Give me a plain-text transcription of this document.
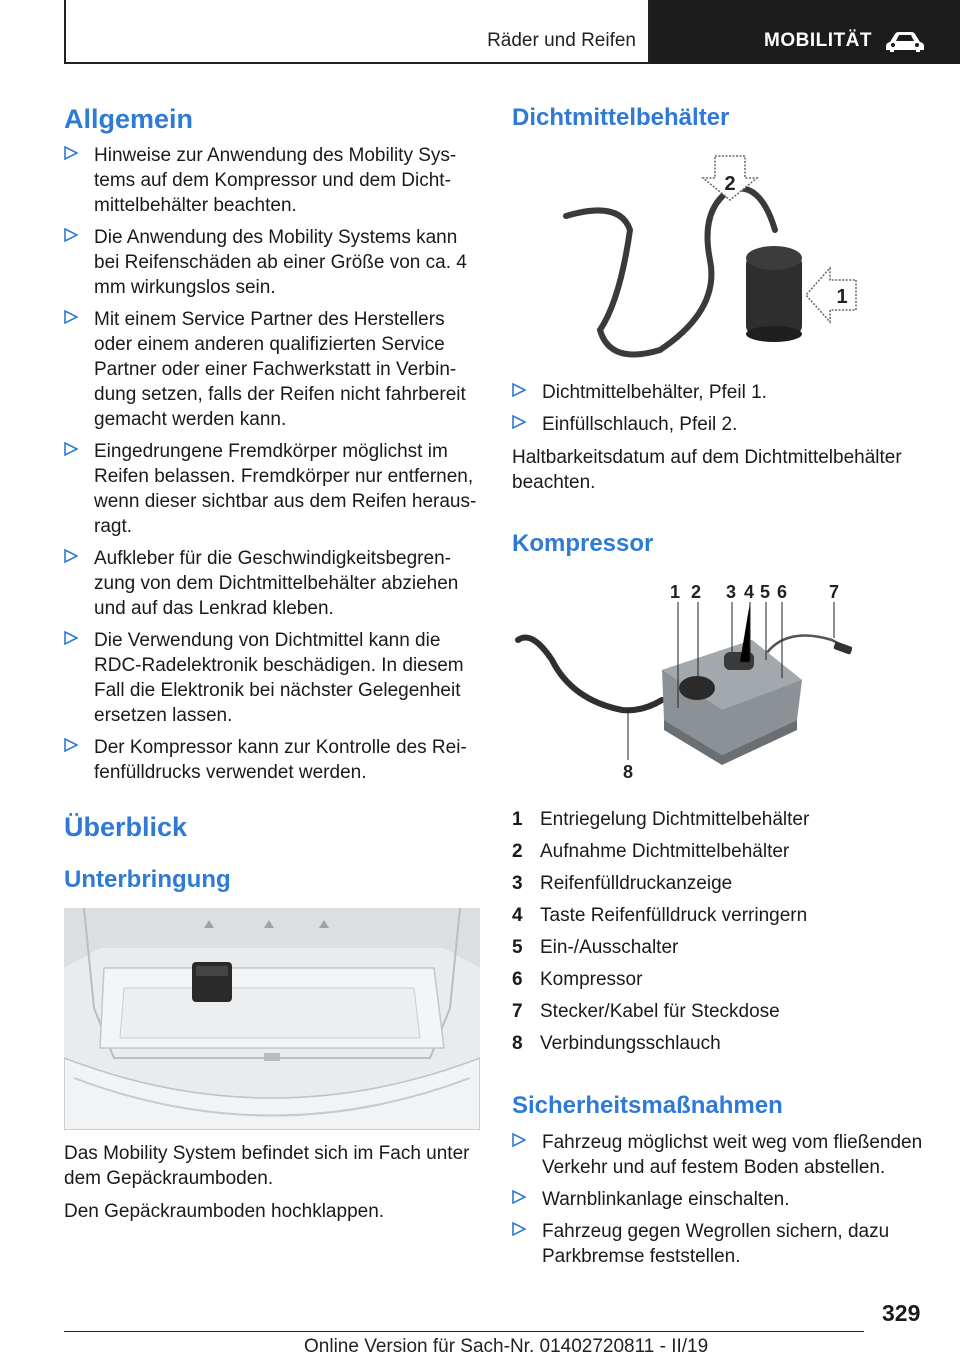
Räder und Reifen	MOBILITÄT
Allgemein
Hinweise zur Anwendung des Mobility Sys-tems auf dem Kompressor und dem Dicht-mittelbehälter beachten.
Die Anwendung des Mobility Systems kann bei Reifenschäden ab einer Größe von ca. 4 mm wirkungslos sein.
Mit einem Service Partner des Herstellers oder einem anderen qualifizierten Service Partner oder einer Fachwerkstatt in Verbin-dung setzen, falls der Reifen nicht fahrbereit gemacht werden kann.
Eingedrungene Fremdkörper möglichst im Reifen belassen. Fremdkörper nur entfernen, wenn dieser sichtbar aus dem Reifen heraus-ragt.
Aufkleber für die Geschwindigkeitsbegren-zung von dem Dichtmittelbehälter abziehen und auf das Lenkrad kleben.
Die Verwendung von Dichtmittel kann die RDC-Radelektronik beschädigen. In diesem Fall die Elektronik bei nächster Gelegenheit ersetzen lassen.
Der Kompressor kann zur Kontrolle des Rei-fenfülldrucks verwendet werden.
Überblick
Unterbringung

Das Mobility System befindet sich im Fach unter dem Gepäckraumboden.

Den Gepäckraumboden hochklappen.

Dichtmittelbehälter
2
1
Dichtmittelbehälter, Pfeil 1.
Einfüllschlauch, Pfeil 2.

Haltbarkeitsdatum auf dem Dichtmittelbehälter beachten.

Kompressor
1 2 3 4 5 6 7
8
1 Entriegelung Dichtmittelbehälter
2 Aufnahme Dichtmittelbehälter
3 Reifenfülldruckanzeige
4 Taste Reifenfülldruck verringern
5 Ein-/Ausschalter
6 Kompressor
7 Stecker/Kabel für Steckdose
8 Verbindungsschlauch
Sicherheitsmaßnahmen
Fahrzeug möglichst weit weg vom fließenden Verkehr und auf festem Boden abstellen.
Warnblinkanlage einschalten.
Fahrzeug gegen Wegrollen sichern, dazu Parkbremse feststellen.
329
Online Version für Sach-Nr. 01402720811 - II/19
